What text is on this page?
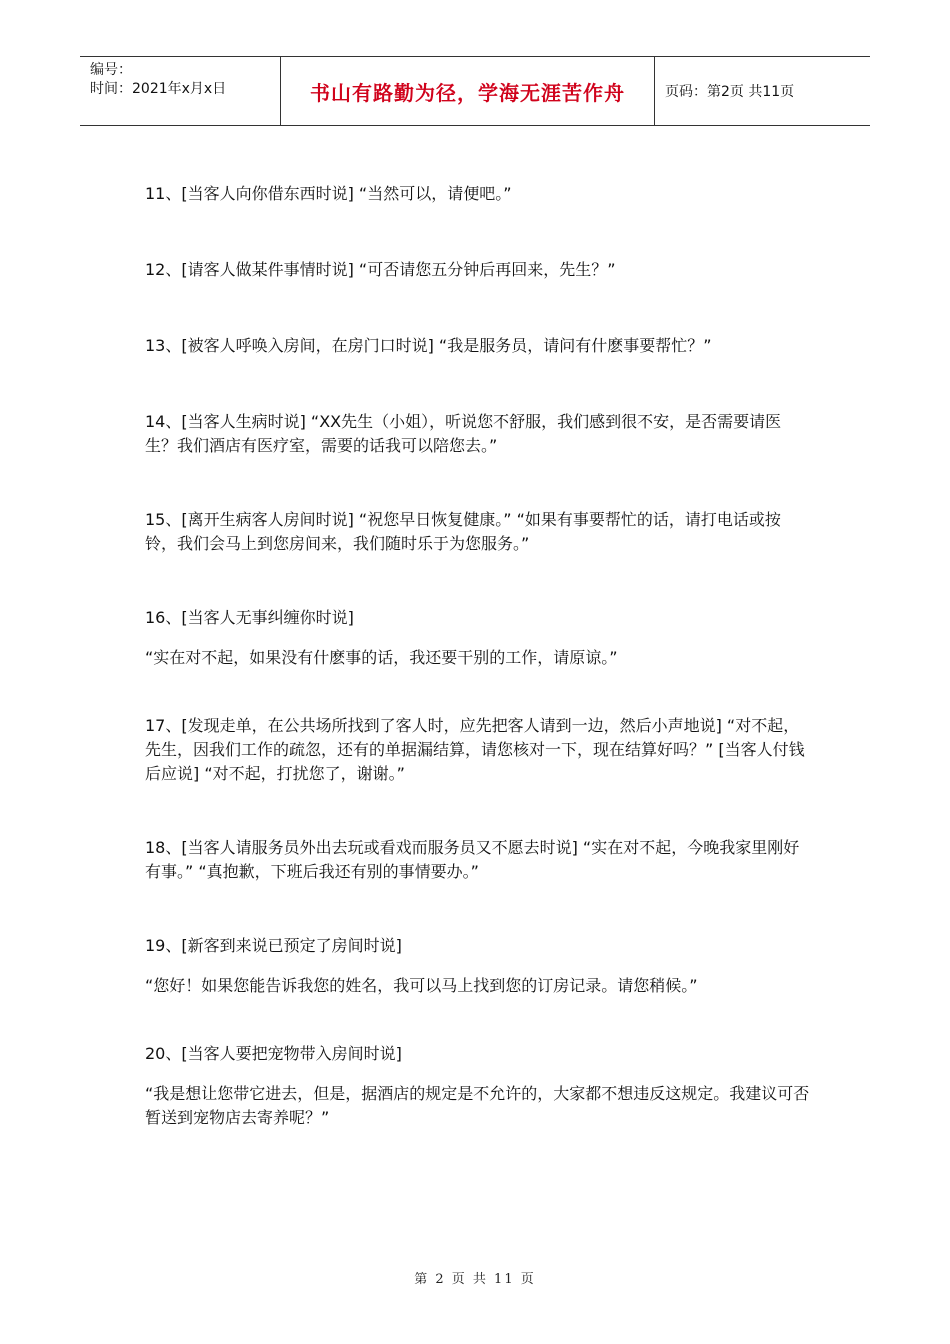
编号：
时间：2021年x月x日	书山有路勤为径，学海无涯苦作舟	页码：第2页 共11页

11、[当客人向你借东西时说] “当然可以，请便吧。”

12、[请客人做某件事情时说] “可否请您五分钟后再回来，先生？”

13、[被客人呼唤入房间，在房门口时说] “我是服务员，请问有什麽事要帮忙？”

14、[当客人生病时说] “XX先生（小姐），听说您不舒服，我们感到很不安，是否需要请医生？我们酒店有医疗室，需要的话我可以陪您去。”

15、[离开生病客人房间时说] “祝您早日恢复健康。” “如果有事要帮忙的话，请打电话或按铃，我们会马上到您房间来，我们随时乐于为您服务。”

16、[当客人无事纠缠你时说]

“实在对不起，如果没有什麽事的话，我还要干别的工作，请原谅。”

17、[发现走单，在公共场所找到了客人时，应先把客人请到一边，然后小声地说] “对不起，先生，因我们工作的疏忽，还有的单据漏结算，请您核对一下，现在结算好吗？” [当客人付钱后应说] “对不起，打扰您了，谢谢。”

18、[当客人请服务员外出去玩或看戏而服务员又不愿去时说] “实在对不起，今晚我家里刚好有事。” “真抱歉，下班后我还有别的事情要办。”

19、[新客到来说已预定了房间时说]

“您好！如果您能告诉我您的姓名，我可以马上找到您的订房记录。请您稍候。”

20、[当客人要把宠物带入房间时说]

“我是想让您带它进去，但是，据酒店的规定是不允许的，大家都不想违反这规定。我建议可否暂送到宠物店去寄养呢？”

第 2 页 共 11 页
